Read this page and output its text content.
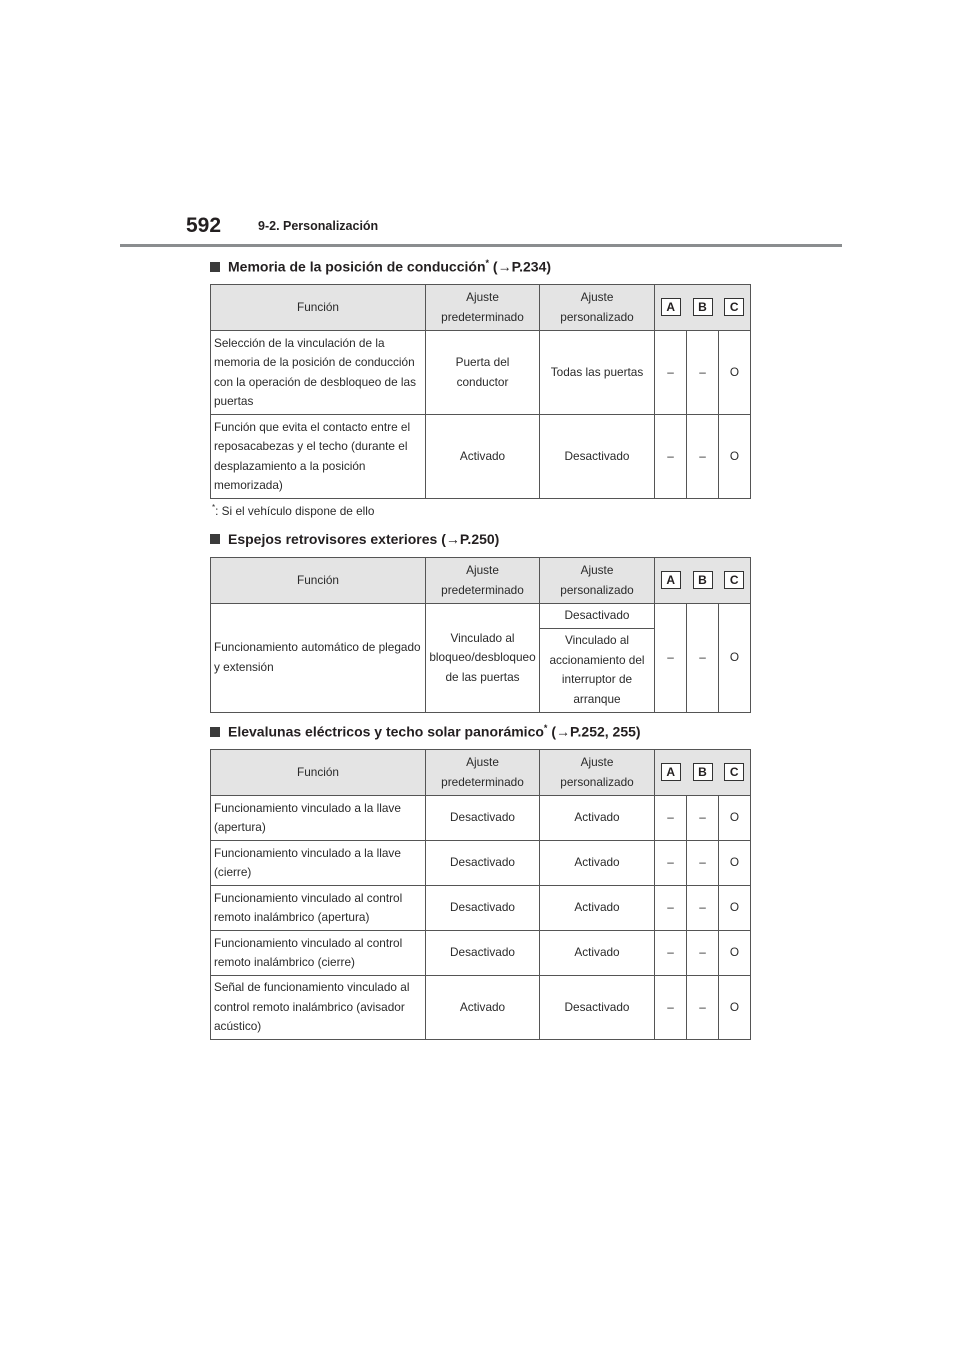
592	9-2. Personalización
Memoria de la posición de conducción* (→P.234)
Función	Ajuste predeterminado	Ajuste personalizado	A	B	C
Selección de la vinculación de la memoria de la posición de conducción con la operación de desbloqueo de las puertas	Puerta del conductor	Todas las puertas	–	–	O
Función que evita el contacto entre el reposacabezas y el techo (durante el desplazamiento a la posición memorizada)	Activado	Desactivado	–	–	O
*: Si el vehículo dispone de ello
Espejos retrovisores exteriores (→P.250)
Función	Ajuste predeterminado	Ajuste personalizado	A	B	C
Funcionamiento automático de plegado y extensión	Vinculado al bloqueo/desbloqueo de las puertas	Desactivado	–	–	O
		Vinculado al accionamiento del interruptor de arranque			
Elevalunas eléctricos y techo solar panorámico* (→P.252, 255)
Función	Ajuste predeterminado	Ajuste personalizado	A	B	C
Funcionamiento vinculado a la llave (apertura)	Desactivado	Activado	–	–	O
Funcionamiento vinculado a la llave (cierre)	Desactivado	Activado	–	–	O
Funcionamiento vinculado al control remoto inalámbrico (apertura)	Desactivado	Activado	–	–	O
Funcionamiento vinculado al control remoto inalámbrico (cierre)	Desactivado	Activado	–	–	O
Señal de funcionamiento vinculado al control remoto inalámbrico (avisador acústico)	Activado	Desactivado	–	–	O
